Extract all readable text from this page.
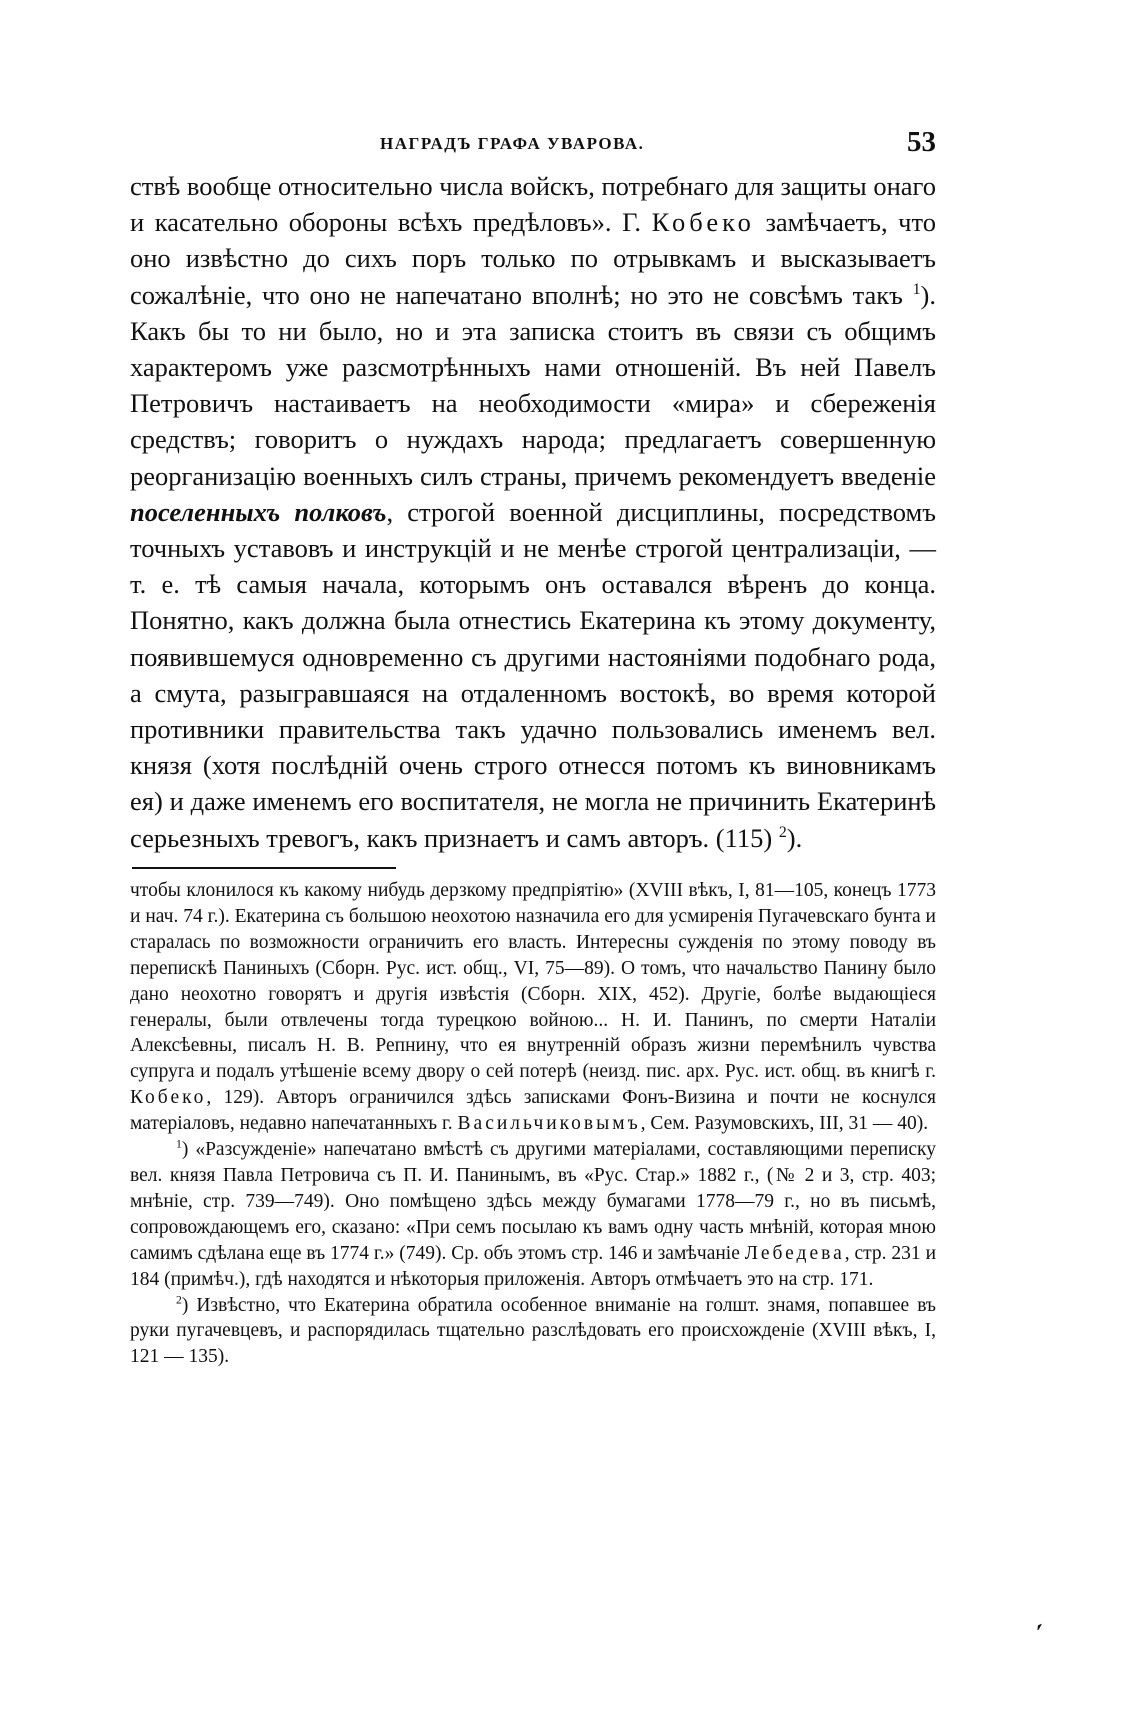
НАГРАДЪ ГРАФА УВАРОВА.	53

ствѣ вообще относительно числа войскъ, потребнаго для защиты онаго и касательно обороны всѣхъ предѣловъ». Г. Кобеко замѣчаетъ, что оно извѣстно до сихъ поръ только по отрывкамъ и высказываетъ сожалѣніе, что оно не напечатано вполнѣ; но это не совсѣмъ такъ $^1$). Какъ бы то ни было, но и эта записка стоитъ въ связи съ общимъ характеромъ уже разсмотрѣнныхъ нами отношеній. Въ ней Павелъ Петровичъ настаиваетъ на необходимости «мира» и сбереженія средствъ; говоритъ о нуждахъ народа; предлагаетъ совершенную реорганизацію военныхъ силъ страны, причемъ рекомендуетъ введеніе поселенныхъ полковъ, строгой военной дисциплины, посредствомъ точныхъ уставовъ и инструкцій и не менѣе строгой централизаціи, — т. е. тѣ самыя начала, которымъ онъ оставался вѣренъ до конца. Понятно, какъ должна была отнестись Екатерина къ этому документу, появившемуся одновременно съ другими настояніями подобнаго рода, а смута, разыгравшаяся на отдаленномъ востокѣ, во время которой противники правительства такъ удачно пользовались именемъ вел. князя (хотя послѣдній очень строго отнесся потомъ къ виновникамъ ея) и даже именемъ его воспитателя, не могла не причинить Екатеринѣ серьезныхъ тревогъ, какъ признаетъ и самъ авторъ. (115) $^2$).

чтобы клонилося къ какому нибудь дерзкому предпріятію» (XVIII вѣкъ, I, 81—105, конецъ 1773 и нач. 74 г.). Екатерина съ большою неохотою назначила его для усмиренія Пугачевскаго бунта и старалась по возможности ограничить его власть. Интересны сужденія по этому поводу въ перепискѣ Паниныхъ (Сборн. Рус. ист. общ., VI, 75—89). О томъ, что начальство Панину было дано неохотно говорятъ и другія извѣстія (Сборн. XIX, 452). Другіе, болѣе выдающіеся генералы, были отвлечены тогда турецкою войною... Н. И. Панинъ, по смерти Наталіи Алексѣевны, писалъ Н. В. Репнину, что ея внутренній образъ жизни перемѣнилъ чувства супруга и подалъ утѣшеніе всему двору о сей потерѣ (неизд. пис. арх. Рус. ист. общ. въ книгѣ г. Кобеко, 129). Авторъ ограничился здѣсь записками Фонъ-Визина и почти не коснулся матеріаловъ, недавно напечатанныхъ г. Васильчиковымъ, Сем. Разумовскихъ, III, 31 — 40).

$^1$) «Разсужденіе» напечатано вмѣстѣ съ другими матеріалами, составляющими переписку вел. князя Павла Петровича съ П. И. Панинымъ, въ «Рус. Стар.» 1882 г., (№ 2 и 3, стр. 403; мнѣніе, стр. 739—749). Оно помѣщено здѣсь между бумагами 1778—79 г., но въ письмѣ, сопровождающемъ его, сказано: «При семъ посылаю къ вамъ одну часть мнѣній, которая мною самимъ сдѣлана еще въ 1774 г.» (749). Ср. объ этомъ стр. 146 и замѣчаніе Лебедева, стр. 231 и 184 (примѣч.), гдѣ находятся и нѣкоторыя приложенія. Авторъ отмѣчаетъ это на стр. 171.

$^2$) Извѣстно, что Екатерина обратила особенное вниманіе на голшт. знамя, попавшее въ руки пугачевцевъ, и распорядилась тщательно разслѣдовать его происхожденіе (XVIII вѣкъ, I, 121 — 135).

ˏ
